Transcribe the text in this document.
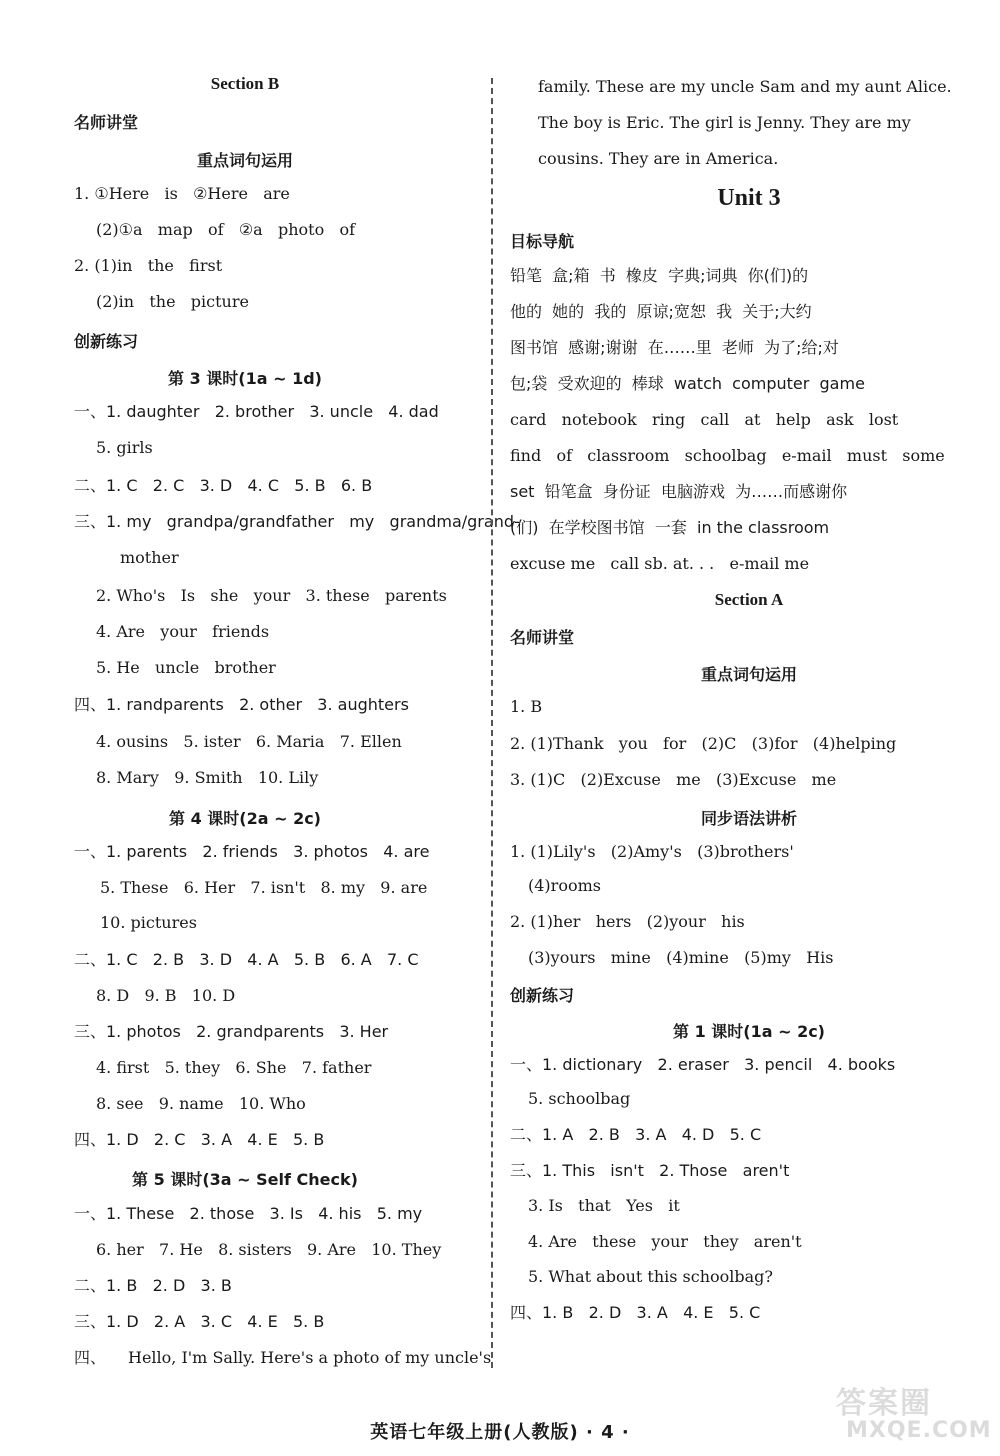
Section B
名师讲堂
重点词句运用
1. ①Here   is   ②Here   are
(2)①a   map   of   ②a   photo   of
2. (1)in   the   first
(2)in   the   picture
创新练习
第 3 课时(1a ~ 1d)
一、1. daughter   2. brother   3. uncle   4. dad
5. girls
二、1. C   2. C   3. D   4. C   5. B   6. B
三、1. my   grandpa/grandfather   my   grandma/grand-
mother
2. Who's   Is   she   your   3. these   parents
4. Are   your   friends
5. He   uncle   brother
四、1. randparents   2. other   3. aughters
4. ousins   5. ister   6. Maria   7. Ellen
8. Mary   9. Smith   10. Lily
第 4 课时(2a ~ 2c)
一、1. parents   2. friends   3. photos   4. are
5. These   6. Her   7. isn't   8. my   9. are
10. pictures
二、1. C   2. B   3. D   4. A   5. B   6. A   7. C
8. D   9. B   10. D
三、1. photos   2. grandparents   3. Her
4. first   5. they   6. She   7. father
8. see   9. name   10. Who
四、1. D   2. C   3. A   4. E   5. B
第 5 课时(3a ~ Self Check)
一、1. These   2. those   3. Is   4. his   5. my
6. her   7. He   8. sisters   9. Are   10. They
二、1. B   2. D   3. B
三、1. D   2. A   3. C   4. E   5. B
四、 Hello, I'm Sally. Here's a photo of my uncle's
family. These are my uncle Sam and my aunt Alice.
The boy is Eric. The girl is Jenny. They are my
cousins. They are in America.
Unit 3
目标导航
铅笔  盒;箱  书  橡皮  字典;词典  你(们)的
他的  她的  我的  原谅;宽恕  我  关于;大约
图书馆  感谢;谢谢  在……里  老师  为了;给;对
包;袋  受欢迎的  棒球  watch  computer  game
card   notebook   ring   call   at   help   ask   lost
find   of   classroom   schoolbag   e-mail   must   some
set  铅笔盒  身份证  电脑游戏  为……而感谢你
(们)  在学校图书馆  一套  in the classroom
excuse me   call sb. at. . .   e-mail me
Section A
名师讲堂
重点词句运用
1. B
2. (1)Thank   you   for   (2)C   (3)for   (4)helping
3. (1)C   (2)Excuse   me   (3)Excuse   me
同步语法讲析
1. (1)Lily's   (2)Amy's   (3)brothers'
(4)rooms
2. (1)her   hers   (2)your   his
(3)yours   mine   (4)mine   (5)my   His
创新练习
第 1 课时(1a ~ 2c)
一、1. dictionary   2. eraser   3. pencil   4. books
5. schoolbag
二、1. A   2. B   3. A   4. D   5. C
三、1. This   isn't   2. Those   aren't
3. Is   that   Yes   it
4. Are   these   your   they   aren't
5. What about this schoolbag?
四、1. B   2. D   3. A   4. E   5. C
英语七年级上册(人教版) · 4 ·
答案圈
MXQE.COM
